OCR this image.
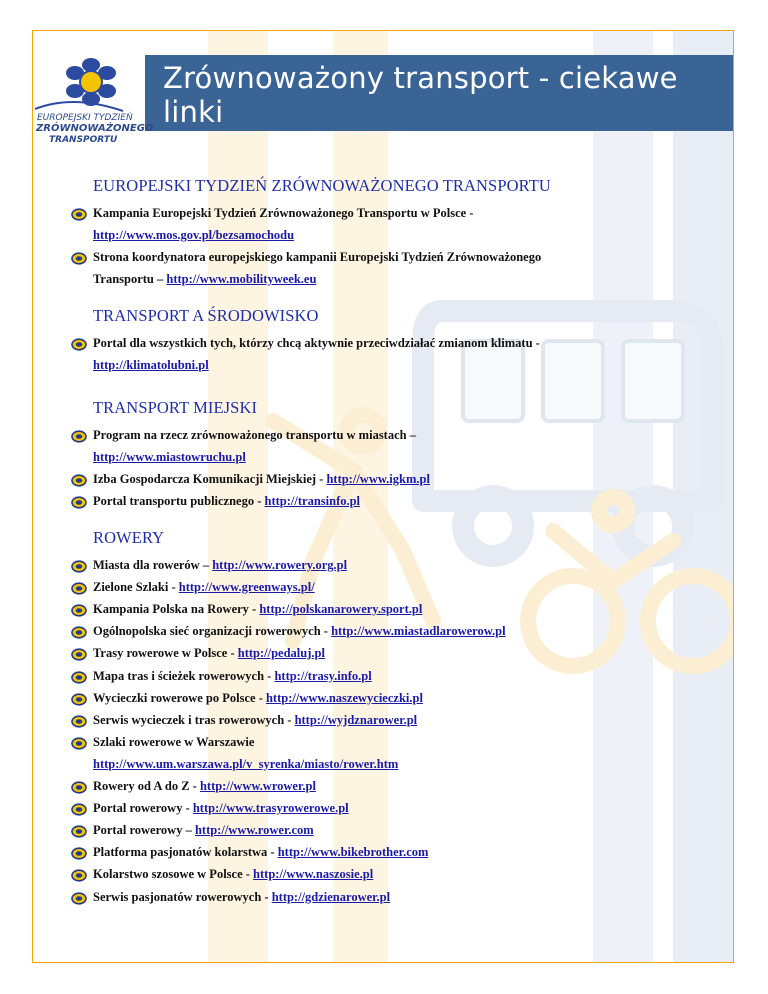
Zrównoważony transport - ciekawe linki
EUROPEJSKI TYDZIEŃ
ZRÓWNOWAŻONEGO
TRANSPORTU
EUROPEJSKI TYDZIEŃ ZRÓWNOWAŻONEGO TRANSPORTU
Kampania Europejski Tydzień Zrównoważonego Transportu w Polsce -
http://www.mos.gov.pl/bezsamochodu
Strona koordynatora europejskiego kampanii Europejski Tydzień Zrównoważonego
Transportu – http://www.mobilityweek.eu
TRANSPORT A ŚRODOWISKO
Portal dla wszystkich tych, którzy chcą aktywnie przeciwdziałać zmianom klimatu -
http://klimatolubni.pl
TRANSPORT MIEJSKI
Program na rzecz zrównoważonego transportu w miastach –
http://www.miastowruchu.pl
Izba Gospodarcza Komunikacji Miejskiej - http://www.igkm.pl
Portal transportu publicznego - http://transinfo.pl
ROWERY
Miasta dla rowerów – http://www.rowery.org.pl
Zielone Szlaki - http://www.greenways.pl/
Kampania Polska na Rowery - http://polskanarowery.sport.pl
Ogólnopolska sieć organizacji rowerowych - http://www.miastadlarowerow.pl
Trasy rowerowe w Polsce - http://pedaluj.pl
Mapa tras i ścieżek rowerowych - http://trasy.info.pl
Wycieczki rowerowe po Polsce - http://www.naszewycieczki.pl
Serwis wycieczek i tras rowerowych - http://wyjdznarower.pl
Szlaki rowerowe w Warszawie
http://www.um.warszawa.pl/v_syrenka/miasto/rower.htm
Rowery od A do Z - http://www.wrower.pl
Portal rowerowy - http://www.trasyrowerowe.pl
Portal rowerowy – http://www.rower.com
Platforma pasjonatów kolarstwa - http://www.bikebrother.com
Kolarstwo szosowe w Polsce - http://www.naszosie.pl
Serwis pasjonatów rowerowych - http://gdzienarower.pl
